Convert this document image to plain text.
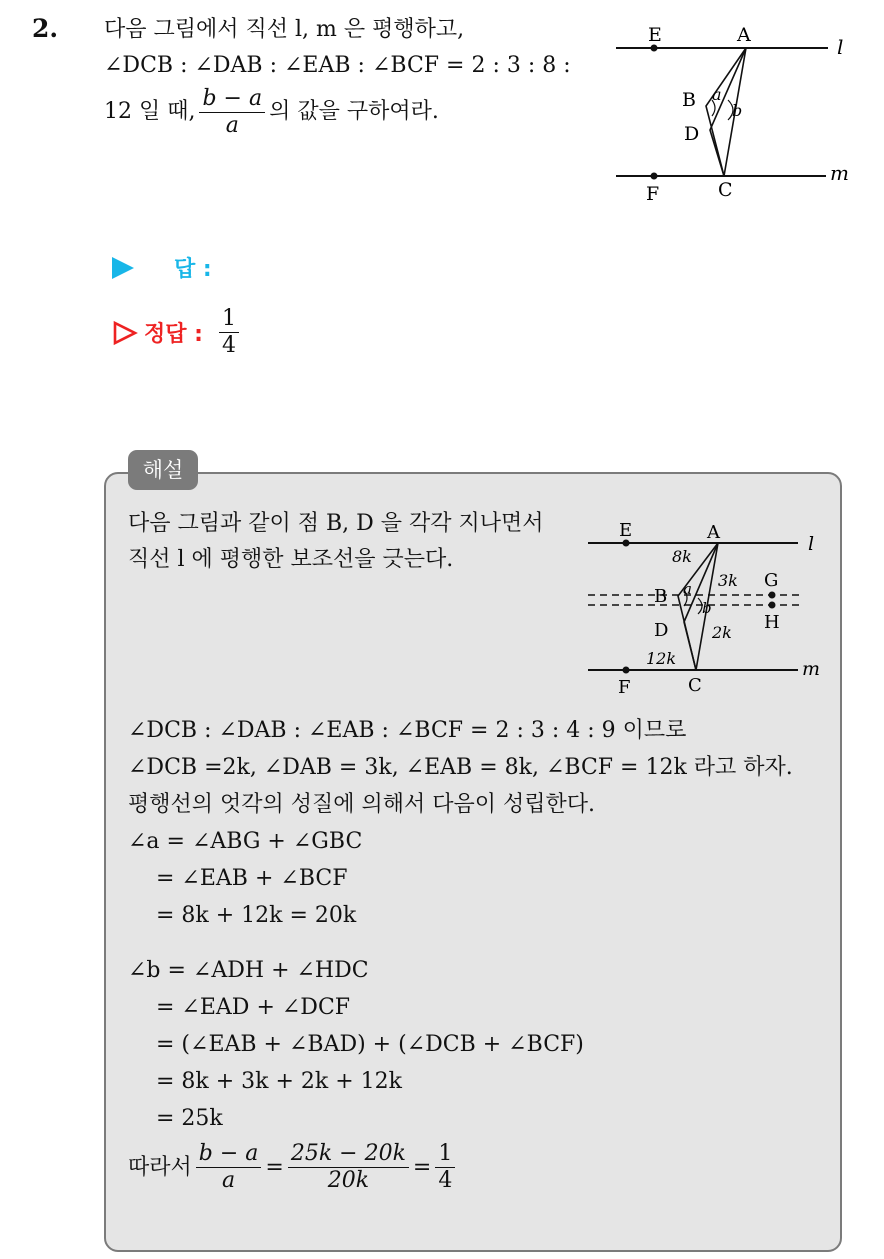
2. 다음 그림에서 직선 l, m 은 평행하고,
∠DCB : ∠DAB : ∠EAB : ∠BCF = 2 : 3 : 8 :
12 일 때, $\frac{b - a}{a}$ 의 값을 구하여라.
E	A	l
B a
b
D
F	C
m
답 :
정답 : $\frac{1}{4}$
해설
다음 그림과 같이 점 B, D 을 각각 지나면서 직선 l 에 평행한 보조선을 긋는다.
E	A
l
8k
3k G
B a
b
H
D	2k
12k
F	C
m
∠DCB : ∠DAB : ∠EAB : ∠BCF = 2 : 3 : 4 : 9 이므로
∠DCB =2k, ∠DAB = 3k, ∠EAB = 8k, ∠BCF = 12k 라고 하자.
평행선의 엇각의 성질에 의해서 다음이 성립한다.
∠a = ∠ABG + ∠GBC
= ∠EAB + ∠BCF
= 8k + 12k = 20k
∠b = ∠ADH + ∠HDC
= ∠EAD + ∠DCF
= (∠EAB + ∠BAD) + (∠DCB + ∠BCF)
= 8k + 3k + 2k + 12k
= 25k
따라서 $\frac{b - a}{a} = \frac{25k - 20k}{20k} = \frac{1}{4}$
